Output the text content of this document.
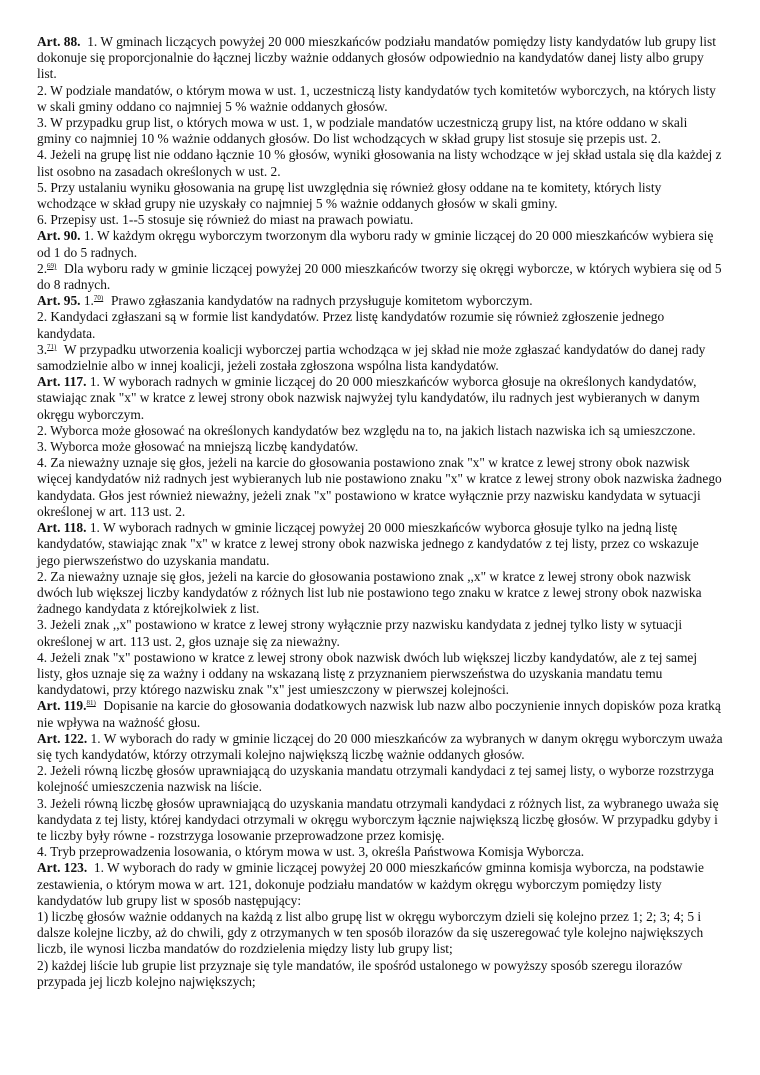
Art. 88.  1. W gminach liczących powyżej 20 000 mieszkańców podziału mandatów pomiędzy listy kandydatów lub grupy list dokonuje się proporcjonalnie do łącznej liczby ważnie oddanych głosów odpowiednio na kandydatów danej listy albo grupy list.
2. W podziale mandatów, o którym mowa w ust. 1, uczestniczą listy kandydatów tych komitetów wyborczych, na których listy w skali gminy oddano co najmniej 5 % ważnie oddanych głosów.
3. W przypadku grup list, o których mowa w ust. 1, w podziale mandatów uczestniczą grupy list, na które oddano w skali gminy co najmniej 10 % ważnie oddanych głosów. Do list wchodzących w skład grupy list stosuje się przepis ust. 2.
4. Jeżeli na grupę list nie oddano łącznie 10 % głosów, wyniki głosowania na listy wchodzące w jej skład ustala się dla każdej z list osobno na zasadach określonych w ust. 2.
5. Przy ustalaniu wyniku głosowania na grupę list uwzględnia się również głosy oddane na te komitety, których listy wchodzące w skład grupy nie uzyskały co najmniej 5 % ważnie oddanych głosów w skali gminy.
6. Przepisy ust. 1--5 stosuje się również do miast na prawach powiatu.
Art. 90. 1. W każdym okręgu wyborczym tworzonym dla wyboru rady w gminie liczącej do 20 000 mieszkańców wybiera się od 1 do 5 radnych.
2.$^{69)}$  Dla wyboru rady w gminie liczącej powyżej 20 000 mieszkańców tworzy się okręgi wyborcze, w których wybiera się od 5 do 8 radnych.
Art. 95. 1.$^{70)}$  Prawo zgłaszania kandydatów na radnych przysługuje komitetom wyborczym.
2. Kandydaci zgłaszani są w formie list kandydatów. Przez listę kandydatów rozumie się również zgłoszenie jednego kandydata.
3.$^{71)}$  W przypadku utworzenia koalicji wyborczej partia wchodząca w jej skład nie może zgłaszać kandydatów do danej rady samodzielnie albo w innej koalicji, jeżeli została zgłoszona wspólna lista kandydatów.
Art. 117. 1. W wyborach radnych w gminie liczącej do 20 000 mieszkańców wyborca głosuje na określonych kandydatów, stawiając znak "x" w kratce z lewej strony obok nazwisk najwyżej tylu kandydatów, ilu radnych jest wybieranych w danym okręgu wyborczym.
2. Wyborca może głosować na określonych kandydatów bez względu na to, na jakich listach nazwiska ich są umieszczone.
3. Wyborca może głosować na mniejszą liczbę kandydatów.
4. Za nieważny uznaje się głos, jeżeli na karcie do głosowania postawiono znak "x" w kratce z lewej strony obok nazwisk więcej kandydatów niż radnych jest wybieranych lub nie postawiono znaku "x" w kratce z lewej strony obok nazwiska żadnego kandydata. Głos jest również nieważny, jeżeli znak "x" postawiono w kratce wyłącznie przy nazwisku kandydata w sytuacji określonej w art. 113 ust. 2.
Art. 118. 1. W wyborach radnych w gminie liczącej powyżej 20 000 mieszkańców wyborca głosuje tylko na jedną listę kandydatów, stawiając znak "x" w kratce z lewej strony obok nazwiska jednego z kandydatów z tej listy, przez co wskazuje jego pierwszeństwo do uzyskania mandatu.
2. Za nieważny uznaje się głos, jeżeli na karcie do głosowania postawiono znak ,,x" w kratce z lewej strony obok nazwisk dwóch lub większej liczby kandydatów z różnych list lub nie postawiono tego znaku w kratce z lewej strony obok nazwiska żadnego kandydata z którejkolwiek z list.
3. Jeżeli znak ,,x" postawiono w kratce z lewej strony wyłącznie przy nazwisku kandydata z jednej tylko listy w sytuacji określonej w art. 113 ust. 2, głos uznaje się za nieważny.
4. Jeżeli znak "x" postawiono w kratce z lewej strony obok nazwisk dwóch lub większej liczby kandydatów, ale z tej samej listy, głos uznaje się za ważny i oddany na wskazaną listę z przyznaniem pierwszeństwa do uzyskania mandatu temu kandydatowi, przy którego nazwisku znak "x" jest umieszczony w pierwszej kolejności.
Art. 119.$^{81)}$  Dopisanie na karcie do głosowania dodatkowych nazwisk lub nazw albo poczynienie innych dopisków poza kratką nie wpływa na ważność głosu.
Art. 122. 1. W wyborach do rady w gminie liczącej do 20 000 mieszkańców za wybranych w danym okręgu wyborczym uważa się tych kandydatów, którzy otrzymali kolejno największą liczbę ważnie oddanych głosów.
2. Jeżeli równą liczbę głosów uprawniającą do uzyskania mandatu otrzymali kandydaci z tej samej listy, o wyborze rozstrzyga kolejność umieszczenia nazwisk na liście.
3. Jeżeli równą liczbę głosów uprawniającą do uzyskania mandatu otrzymali kandydaci z różnych list, za wybranego uważa się kandydata z tej listy, której kandydaci otrzymali w okręgu wyborczym łącznie największą liczbę głosów. W przypadku gdyby i te liczby były równe - rozstrzyga losowanie przeprowadzone przez komisję.
4. Tryb przeprowadzenia losowania, o którym mowa w ust. 3, określa Państwowa Komisja Wyborcza.
Art. 123.  1. W wyborach do rady w gminie liczącej powyżej 20 000 mieszkańców gminna komisja wyborcza, na podstawie zestawienia, o którym mowa w art. 121, dokonuje podziału mandatów w każdym okręgu wyborczym pomiędzy listy kandydatów lub grupy list w sposób następujący:
1) liczbę głosów ważnie oddanych na każdą z list albo grupę list w okręgu wyborczym dzieli się kolejno przez 1; 2; 3; 4; 5 i dalsze kolejne liczby, aż do chwili, gdy z otrzymanych w ten sposób ilorazów da się uszeregować tyle kolejno największych liczb, ile wynosi liczba mandatów do rozdzielenia między listy lub grupy list;
2) każdej liście lub grupie list przyznaje się tyle mandatów, ile spośród ustalonego w powyższy sposób szeregu ilorazów przypada jej liczb kolejno największych;
